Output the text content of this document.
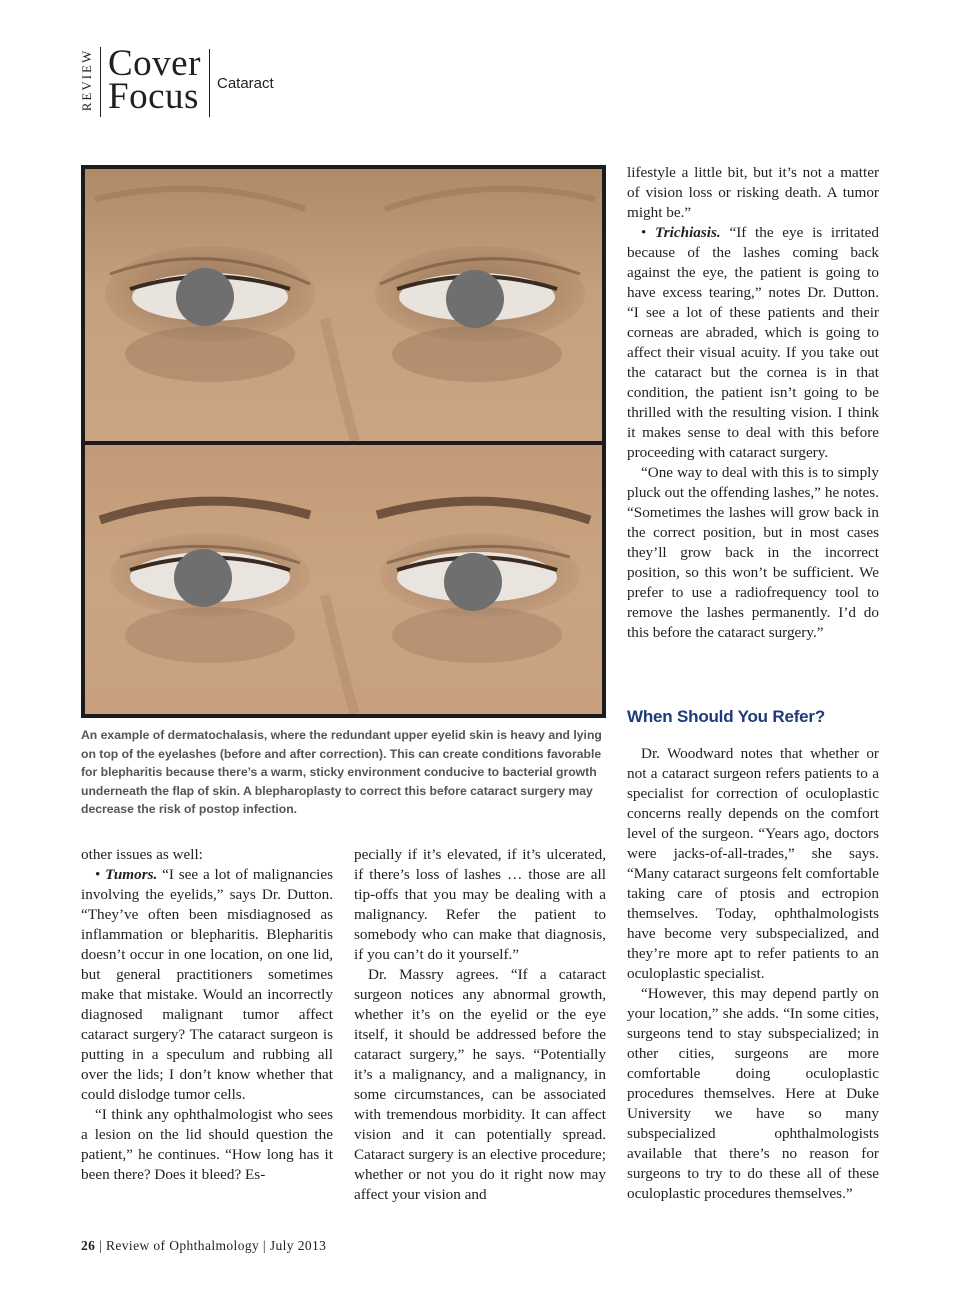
REVIEW Cover
Focus Cataract
An example of dermatochalasis, where the redundant upper eyelid skin is heavy and lying on top of the eyelashes (before and after correction). This can create conditions favorable for blepharitis because there’s a warm, sticky environment conducive to bacterial growth underneath the flap of skin. A blepharoplasty to correct this before cataract surgery may decrease the risk of postop infection.

other issues as well:

• Tumors. “I see a lot of malignancies involving the eyelids,” says Dr. Dutton. “They’ve often been misdiagnosed as inflammation or blepharitis. Blepharitis doesn’t occur in one location, on one lid, but general practitioners sometimes make that mistake. Would an incorrectly diagnosed malignant tumor affect cataract surgery? The cataract surgeon is putting in a speculum and rubbing all over the lids; I don’t know whether that could dislodge tumor cells.

“I think any ophthalmologist who sees a lesion on the lid should question the patient,” he continues. “How long has it been there? Does it bleed? Es-

pecially if it’s elevated, if it’s ulcerated, if there’s loss of lashes … those are all tip-offs that you may be dealing with a malignancy. Refer the patient to somebody who can make that diagnosis, if you can’t do it yourself.”

Dr. Massry agrees. “If a cataract surgeon notices any abnormal growth, whether it’s on the eyelid or the eye itself, it should be addressed before the cataract surgery,” he says. “Potentially it’s a malignancy, and a malignancy, in some circumstances, can be associated with tremendous morbidity. It can affect vision and it can potentially spread. Cataract surgery is an elective procedure; whether or not you do it right now may affect your vision and

lifestyle a little bit, but it’s not a matter of vision loss or risking death. A tumor might be.”

• Trichiasis. “If the eye is irritated because of the lashes coming back against the eye, the patient is going to have excess tearing,” notes Dr. Dutton. “I see a lot of these patients and their corneas are abraded, which is going to affect their visual acuity. If you take out the cataract but the cornea is in that condition, the patient isn’t going to be thrilled with the resulting vision. I think it makes sense to deal with this before proceeding with cataract surgery.

“One way to deal with this is to simply pluck out the offending lashes,” he notes. “Sometimes the lashes will grow back in the correct position, but in most cases they’ll grow back in the incorrect position, so this won’t be sufficient. We prefer to use a radiofrequency tool to remove the lashes permanently. I’d do this before the cataract surgery.”

When Should You Refer?

Dr. Woodward notes that whether or not a cataract surgeon refers patients to a specialist for correction of oculoplastic concerns really depends on the comfort level of the surgeon. “Years ago, doctors were jacks-of-all-trades,” she says. “Many cataract surgeons felt comfortable taking care of ptosis and ectropion themselves. Today, ophthalmologists have become very subspecialized, and they’re more apt to refer patients to an oculoplastic specialist.

“However, this may depend partly on your location,” she adds. “In some cities, surgeons tend to stay subspecialized; in other cities, surgeons are more comfortable doing oculoplastic procedures themselves. Here at Duke University we have so many subspecialized ophthalmologists available that there’s no reason for surgeons to try to do these all of these oculoplastic procedures themselves.”

26 | Review of Ophthalmology | July 2013
